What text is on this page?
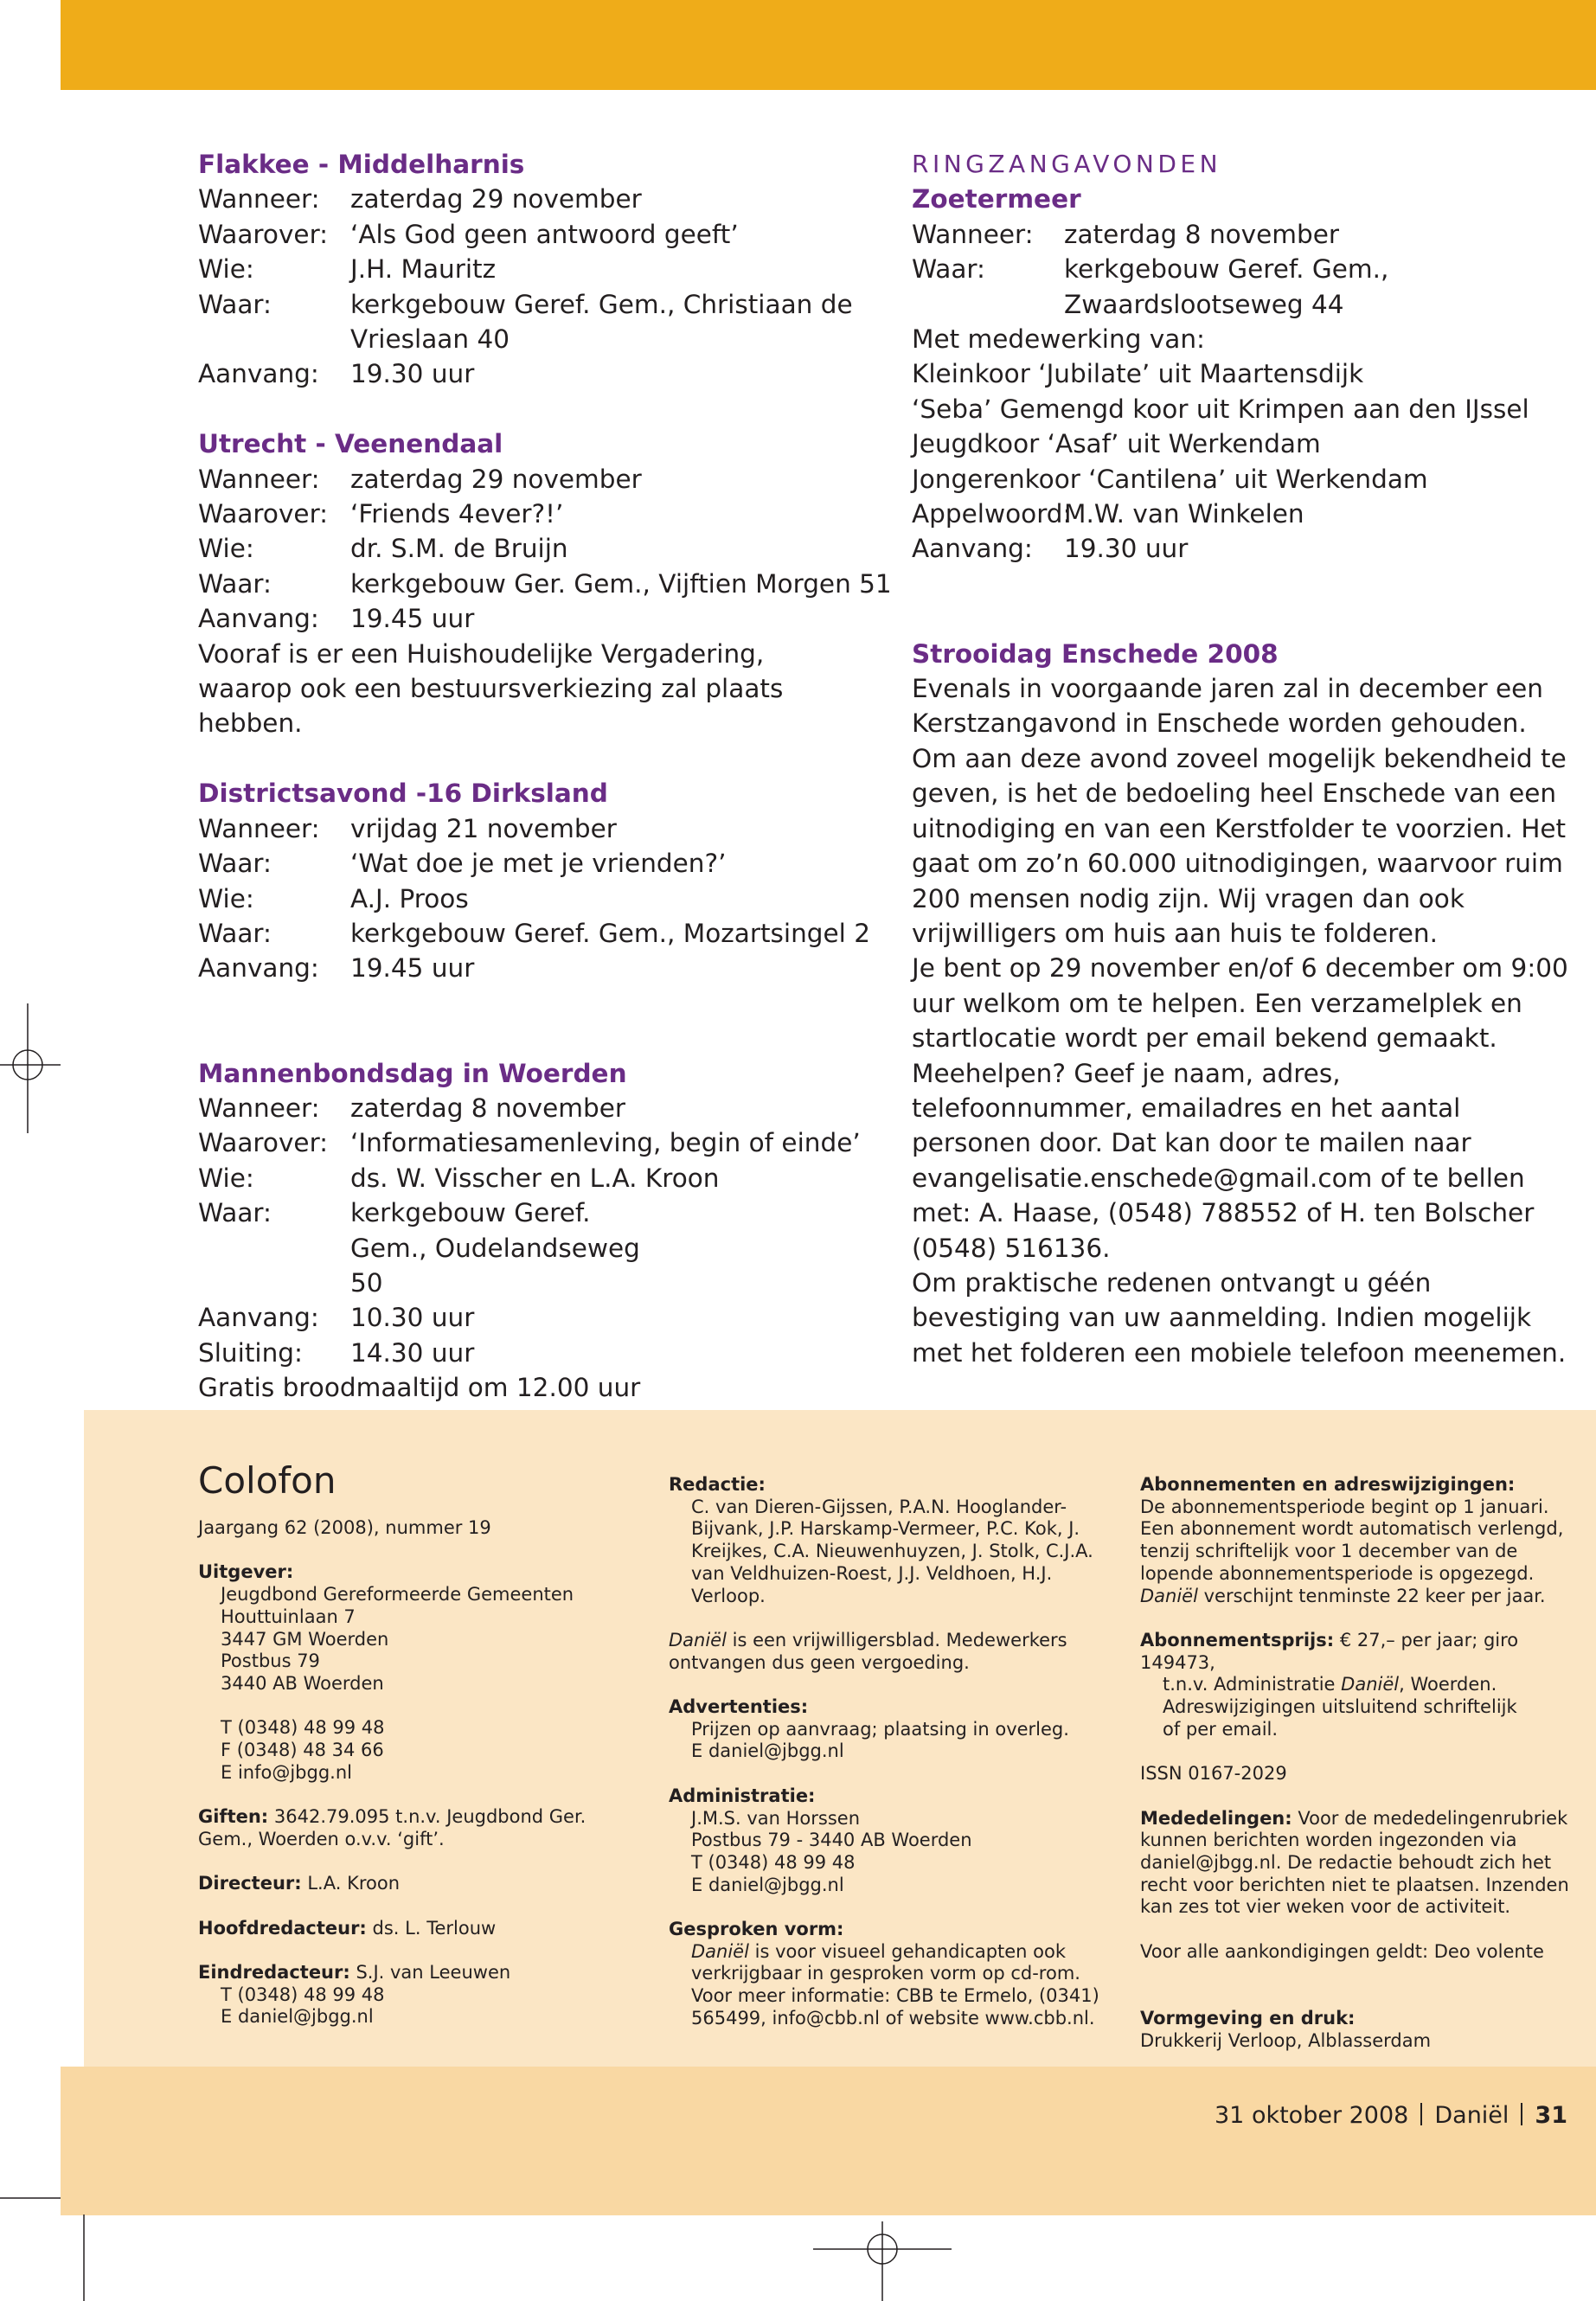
Flakkee - Middelharnis
Wanneer:	zaterdag 29 november
Waarover: ‘Als God geen antwoord geeft’
Wie:	J.H. Mauritz
Waar:	kerkgebouw Geref. Gem., Christiaan de Vrieslaan 40
Aanvang:	19.30 uur
Utrecht - Veenendaal
Wanneer:	zaterdag 29 november
Waarover: ‘Friends 4ever?!’
Wie:	dr. S.M. de Bruijn
Waar:	kerkgebouw Ger. Gem., Vijftien Morgen 51
Aanvang:	19.45 uur
Vooraf is er een Huishoudelijke Vergadering, waarop ook een bestuursverkiezing zal plaats hebben.
Districtsavond -16 Dirksland
Wanneer:	vrijdag 21 november
Waar:	‘Wat doe je met je vrienden?’
Wie:	A.J. Proos
Waar:	kerkgebouw Geref. Gem., Mozartsingel 2
Aanvang:	19.45 uur
Mannenbondsdag in Woerden
Wanneer:	zaterdag 8 november
Waarover: ‘Informatiesamenleving, begin of einde’
Wie:	ds. W. Visscher en L.A. Kroon
Waar:	kerkgebouw Geref. Gem., Oudelandseweg 50
Aanvang:	10.30 uur
Sluiting:	14.30 uur
Gratis broodmaaltijd om 12.00 uur
RINGZANGAVONDEN
Zoetermeer
Wanneer:	zaterdag 8 november
Waar:	kerkgebouw Geref. Gem., Zwaardslootseweg 44
Met medewerking van:
Kleinkoor ‘Jubilate’ uit Maartensdijk
‘Seba’ Gemengd koor uit Krimpen aan den IJssel
Jeugdkoor ‘Asaf’ uit Werkendam
Jongerenkoor ‘Cantilena’ uit Werkendam
Appelwoord:
M.W. van Winkelen
Aanvang:	19.30 uur
Strooidag Enschede 2008
Evenals in voorgaande jaren zal in december een Kerstzangavond in Enschede worden gehouden. Om aan deze avond zoveel mogelijk bekendheid te geven, is het de bedoeling heel Enschede van een uitnodiging en van een Kerstfolder te voorzien. Het gaat om zo’n 60.000 uitnodigingen, waarvoor ruim 200 mensen nodig zijn. Wij vragen dan ook vrijwilligers om huis aan huis te folderen.
Je bent op 29 november en/of 6 december om 9:00 uur welkom om te helpen. Een verzamelplek en startlocatie wordt per email bekend gemaakt. Meehelpen? Geef je naam, adres, telefoonnummer, emailadres en het aantal personen door. Dat kan door te mailen naar evangelisatie.enschede@gmail.com of te bellen met: A. Haase, (0548) 788552 of H. ten Bolscher (0548) 516136.
Om praktische redenen ontvangt u géén bevestiging van uw aanmelding. Indien mogelijk met het folderen een mobiele telefoon meenemen.
Colofon
Jaargang 62 (2008), nummer 19
Uitgever:
Jeugdbond Gereformeerde Gemeenten
Houttuinlaan 7
3447 GM Woerden
Postbus 79
3440 AB Woerden
T (0348) 48 99 48
F (0348) 48 34 66
E info@jbgg.nl
Giften: 3642.79.095 t.n.v. Jeugdbond Ger. Gem., Woerden o.v.v. ‘gift’.
Directeur: L.A. Kroon
Hoofdredacteur: ds. L. Terlouw
Eindredacteur: S.J. van Leeuwen
T (0348) 48 99 48
E daniel@jbgg.nl
Redactie:
C. van Dieren-Gijssen, P.A.N. Hooglander-Bijvank, J.P. Harskamp-Vermeer, P.C. Kok, J. Kreijkes, C.A. Nieuwenhuyzen, J. Stolk, C.J.A. van Veldhuizen-Roest, J.J. Veldhoen, H.J. Verloop.
Daniël is een vrijwilligersblad. Medewerkers ontvangen dus geen vergoeding.
Advertenties:
Prijzen op aanvraag; plaatsing in overleg.
E daniel@jbgg.nl
Administratie:
J.M.S. van Horssen
Postbus 79 - 3440 AB Woerden
T (0348) 48 99 48
E daniel@jbgg.nl
Gesproken vorm:
Daniël is voor visueel gehandicapten ook verkrijgbaar in gesproken vorm op cd-rom. Voor meer informatie: CBB te Ermelo, (0341) 565499, info@cbb.nl of website www.cbb.nl.
Abonnementen en adreswijzigingen:
De abonnementsperiode begint op 1 januari. Een abonnement wordt automatisch verlengd, tenzij schriftelijk voor 1 december van de lopende abonnementsperiode is opgezegd. Daniël verschijnt tenminste 22 keer per jaar.
Abonnementsprijs: € 27,– per jaar; giro 149473,
t.n.v. Administratie Daniël, Woerden.
Adreswijzigingen uitsluitend schriftelijk
of per email.
ISSN 0167-2029
Mededelingen: Voor de mededelingenrubriek kunnen berichten worden ingezonden via daniel@jbgg.nl. De redactie behoudt zich het recht voor berichten niet te plaatsen. Inzenden kan zes tot vier weken voor de activiteit.
Voor alle aankondigingen geldt: Deo volente
Vormgeving en druk:
Drukkerij Verloop, Alblasserdam
31 oktober 2008 Daniël 31
